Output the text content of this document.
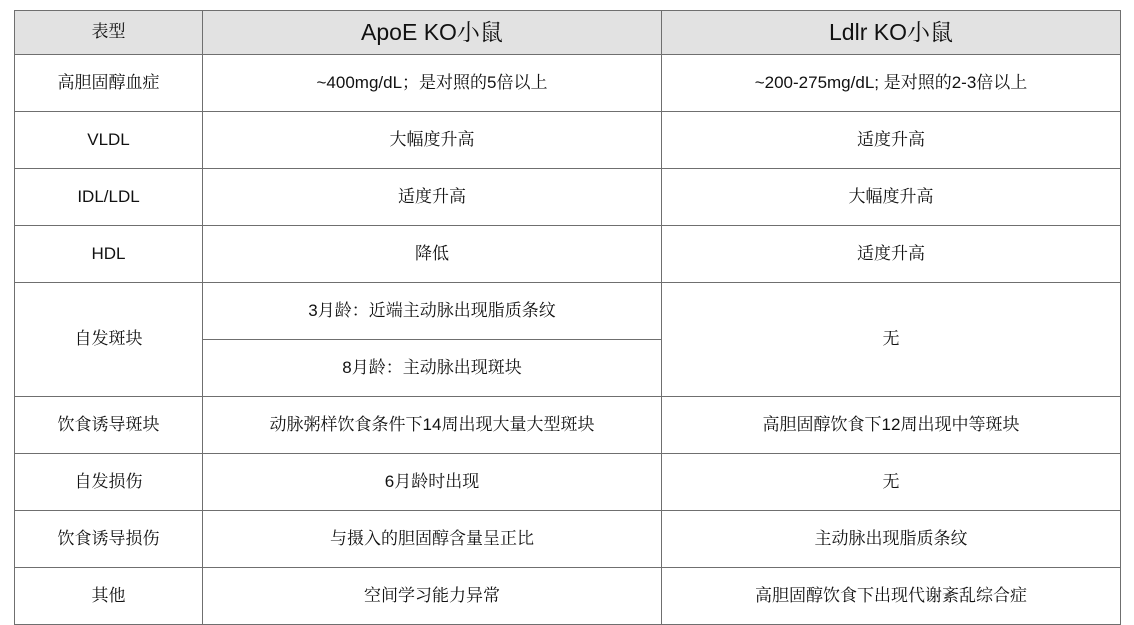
表型	ApoE KO小鼠	Ldlr KO小鼠
高胆固醇血症	~400mg/dL；是对照的5倍以上	~200-275mg/dL; 是对照的2-3倍以上
VLDL	大幅度升高	适度升高
IDL/LDL	适度升高	大幅度升高
HDL	降低	适度升高
自发斑块	3月龄：近端主动脉出现脂质条纹	无
	8月龄：主动脉出现斑块	
饮食诱导斑块	动脉粥样饮食条件下14周出现大量大型斑块	高胆固醇饮食下12周出现中等斑块
自发损伤	6月龄时出现	无
饮食诱导损伤	与摄入的胆固醇含量呈正比	主动脉出现脂质条纹
其他	空间学习能力异常	高胆固醇饮食下出现代谢紊乱综合症
